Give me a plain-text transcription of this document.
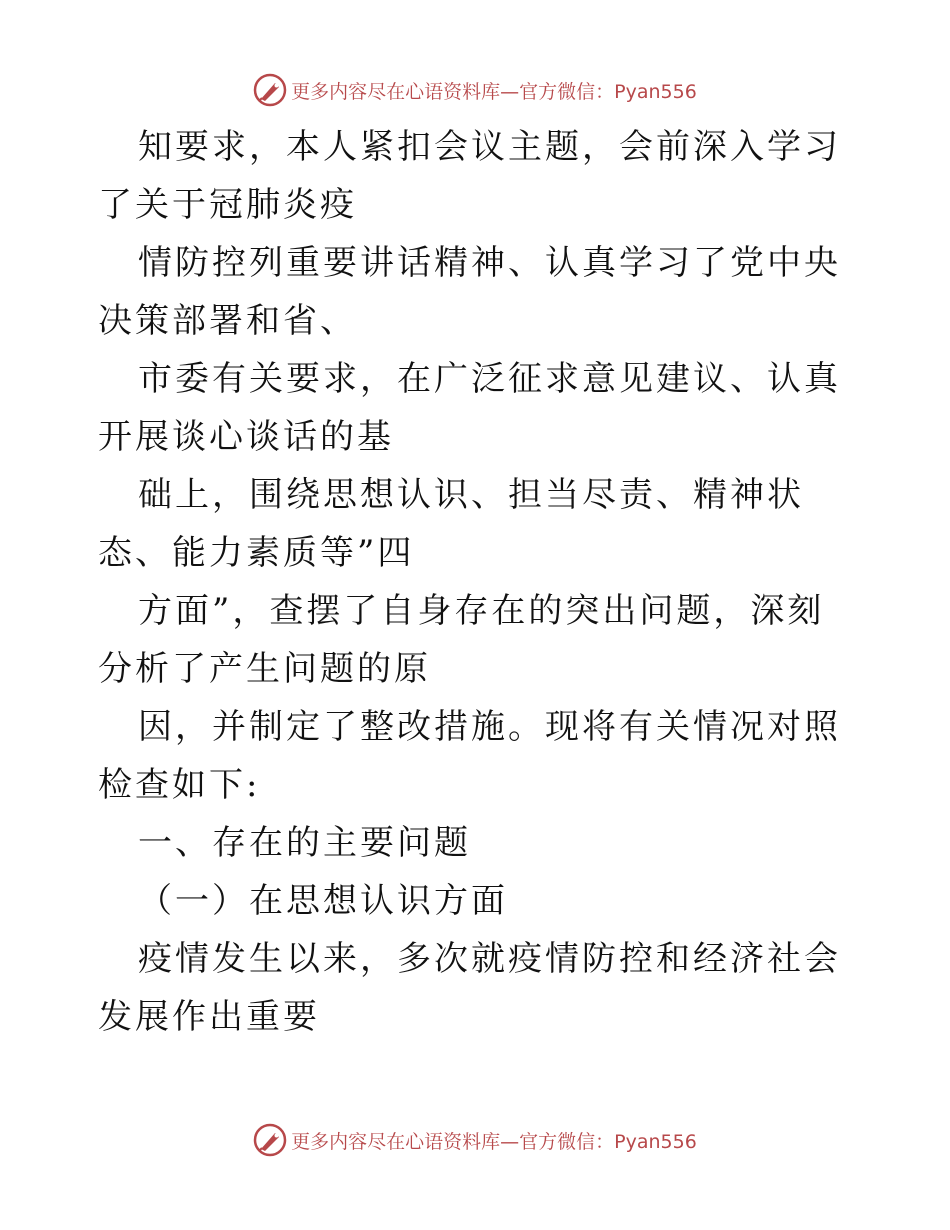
更多内容尽在心语资料库—官方微信：Pyan556

知要求，本人紧扣会议主题，会前深入学习了关于冠肺炎疫

情防控列重要讲话精神、认真学习了党中央决策部署和省、

市委有关要求，在广泛征求意见建议、认真开展谈心谈话的基

础上，围绕思想认识、担当尽责、精神状态、能力素质等”四

方面”，查摆了自身存在的突出问题，深刻分析了产生问题的原

因，并制定了整改措施。现将有关情况对照检查如下:

一、存在的主要问题

（一）在思想认识方面

疫情发生以来，多次就疫情防控和经济社会发展作出重要

更多内容尽在心语资料库—官方微信：Pyan556
